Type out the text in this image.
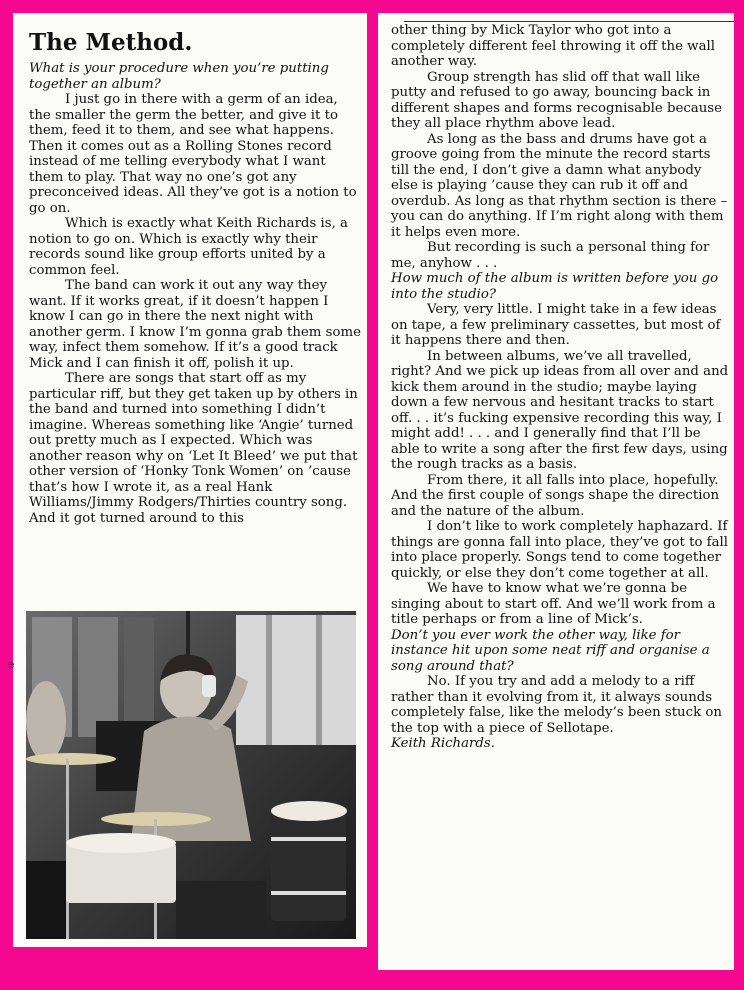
The Method.

What is your procedure when you’re putting together an album?

I just go in there with a germ of an idea, the smaller the germ the better, and give it to them, feed it to them, and see what happens. Then it comes out as a Rolling Stones record instead of me telling everybody what I want them to play. That way no one’s got any preconceived ideas. All they’ve got is a notion to go on.

Which is exactly what Keith Richards is, a notion to go on. Which is exactly why their records sound like group efforts united by a common feel.

The band can work it out any way they want. If it works great, if it doesn’t happen I know I can go in there the next night with another germ. I know I’m gonna grab them some way, infect them somehow. If it’s a good track Mick and I can finish it off, polish it up.

There are songs that start off as my particular riff, but they get taken up by others in the band and turned into something I didn’t imagine. Whereas something like ‘Angie’ turned out pretty much as I expected. Which was another reason why on ‘Let It Bleed’ we put that other version of ‘Honky Tonk Women’ on ’cause that’s how I wrote it, as a real Hank Williams/Jimmy Rodgers/Thirties country song. And it got turned around to this

e

other thing by Mick Taylor who got into a completely different feel throwing it off the wall another way.

Group strength has slid off that wall like putty and refused to go away, bouncing back in different shapes and forms recognisable because they all place rhythm above lead.

As long as the bass and drums have got a groove going from the minute the record starts till the end, I don’t give a damn what anybody else is playing ’cause they can rub it off and overdub. As long as that rhythm section is there – you can do anything. If I’m right along with them it helps even more.

But recording is such a personal thing for me, anyhow . . .

How much of the album is written before you go into the studio?

Very, very little. I might take in a few ideas on tape, a few preliminary cassettes, but most of it happens there and then.

In between albums, we’ve all travelled, right? And we pick up ideas from all over and and kick them around in the studio; maybe laying down a few nervous and hesitant tracks to start off. . . it’s fucking expensive recording this way, I might add! . . . and I generally find that I’ll be able to write a song after the first few days, using the rough tracks as a basis.

From there, it all falls into place, hopefully. And the first couple of songs shape the direction and the nature of the album.

I don’t like to work completely haphazard. If things are gonna fall into place, they’ve got to fall into place properly. Songs tend to come together quickly, or else they don’t come together at all.

We have to know what we’re gonna be singing about to start off. And we’ll work from a title perhaps or from a line of Mick’s.

Don’t you ever work the other way, like for instance hit upon some neat riff and organise a song around that?

No. If you try and add a melody to a riff rather than it evolving from it, it always sounds completely false, like the melody’s been stuck on the top with a piece of Sellotape.

Keith Richards.
